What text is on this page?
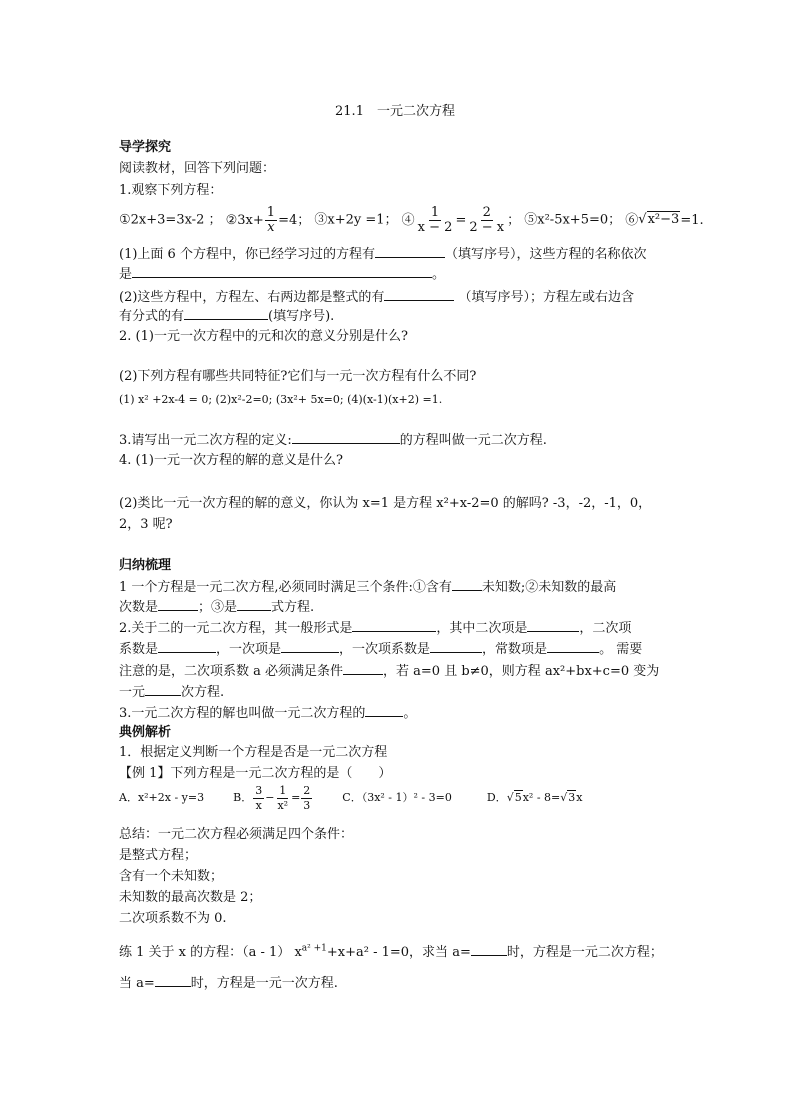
21.1　一元二次方程
导学探究
阅读教材，回答下列问题：
1.观察下列方程：
①2x+3=3x-2 ； ②3x+ $\frac{1}{x} =4$； ③x+2y =1； ④ $\frac{1}{x - 2} = \frac{2}{2 - x}$ ； ⑤x²-5x+5=0； ⑥√x²−3=1.
(1)上面 6 个方程中，你已经学习过的方程有	（填写序号），这些方程的名称依次
是	。
(2)这些方程中，方程左、右两边都是整式的有	（填写序号）；方程左或右边含
有分式的有	(填写序号).
2. (1)一元一次方程中的元和次的意义分别是什么?
(2)下列方程有哪些共同特征?它们与一元一次方程有什么不同?
(1) x² +2x-4 = 0; (2)x²-2=0; (3x²+ 5x=0; (4)(x-1)(x+2) =1.
3.请写出一元二次方程的定义:	的方程叫做一元二次方程.
4. (1)一元一次方程的解的意义是什么?
(2)类比一元一次方程的解的意义，你认为 x=1 是方程 x²+x-2=0 的解吗? -3，-2，-1，0，
2，3 呢?
归纳梳理
1 一个方程是一元二次方程,必须同时满足三个条件:①含有 未知数;②未知数的最高
次数是	；③是	式方程.
2.关于二的一元二次方程，其一般形式是	，其中二次项是	，二次项
系数是	，一次项是	，一次项系数是	，常数项是	。 需要
注意的是，二次项系数 a 必须满足条件	，若 a=0 且 b≠0，则方程 ax²+bx+c=0 变为
一元	次方程.
3.一元二次方程的解也叫做一元二次方程的	。
典例解析
1．根据定义判断一个方程是否是一元二次方程
【例 1】下列方程是一元二次方程的是（　　）
A．x²+2x - y=3	B． $\frac{3}{x} - \frac{1}{\text{x²}} = \frac{2}{3}$	C．（3x² - 1）² - 3=0	D．√5x² - 8=√3x
总结：一元二次方程必须满足四个条件：
是整式方程；
含有一个未知数；
未知数的最高次数是 2；
二次项系数不为 0.
练 1 关于 x 的方程：（a - 1） $x^{a^2 +1}+x+a^2 - 1=0$，求当 a=	时，方程是一元二次方程；
当 a=	时，方程是一元一次方程.
